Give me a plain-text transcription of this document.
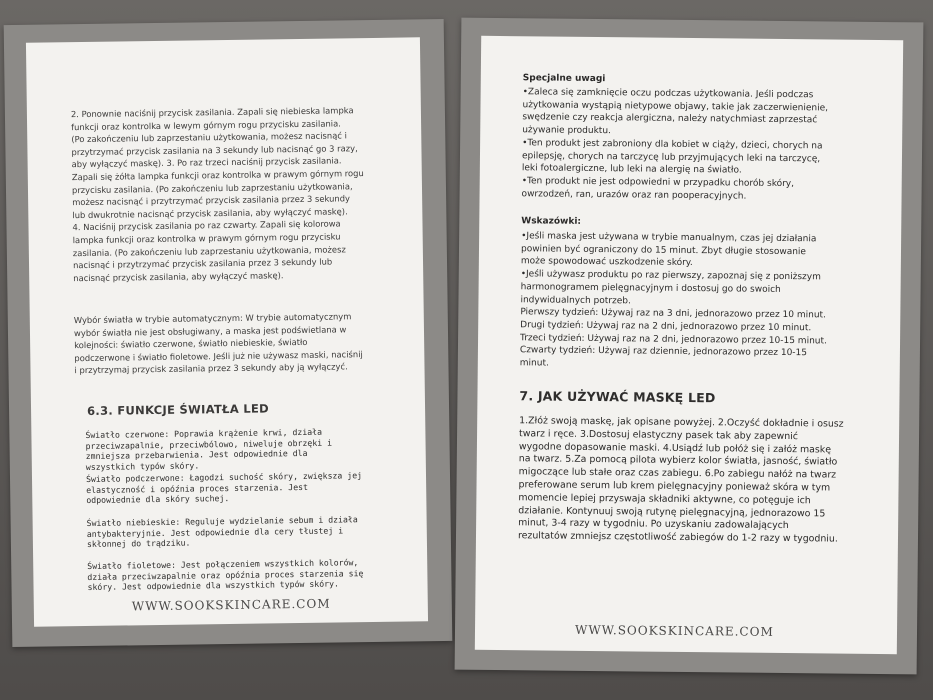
2. Ponownie naciśnij przycisk zasilania. Zapali się niebieska lampka
funkcji oraz kontrolka w lewym górnym rogu przycisku zasilania.
(Po zakończeniu lub zaprzestaniu użytkowania, możesz nacisnąć i
przytrzymać przycisk zasilania na 3 sekundy lub nacisnąć go 3 razy,
aby wyłączyć maskę). 3. Po raz trzeci naciśnij przycisk zasilania.
Zapali się żółta lampka funkcji oraz kontrolka w prawym górnym rogu
przycisku zasilania. (Po zakończeniu lub zaprzestaniu użytkowania,
możesz nacisnąć i przytrzymać przycisk zasilania przez 3 sekundy
lub dwukrotnie nacisnąć przycisk zasilania, aby wyłączyć maskę).
4. Naciśnij przycisk zasilania po raz czwarty. Zapali się kolorowa
lampka funkcji oraz kontrolka w prawym górnym rogu przycisku
zasilania. (Po zakończeniu lub zaprzestaniu użytkowania, możesz
nacisnąć i przytrzymać przycisk zasilania przez 3 sekundy lub
nacisnąć przycisk zasilania, aby wyłączyć maskę).

Wybór światła w trybie automatycznym: W trybie automatycznym
wybór światła nie jest obsługiwany, a maska jest podświetlana w
kolejności: światło czerwone, światło niebieskie, światło
podczerwone i światło fioletowe. Jeśli już nie używasz maski, naciśnij
i przytrzymaj przycisk zasilania przez 3 sekundy aby ją wyłączyć.

6.3. FUNKCJE ŚWIATŁA LED

Światło czerwone: Poprawia krążenie krwi, działa
przeciwzapalnie, przeciwbólowo, niweluje obrzęki i
zmniejsza przebarwienia. Jest odpowiednie dla
wszystkich typów skóry.

Światło podczerwone: Łagodzi suchość skóry, zwiększa jej
elastyczność i opóźnia proces starzenia. Jest
odpowiednie dla skóry suchej.

Światło niebieskie: Reguluje wydzielanie sebum i działa
antybakteryjnie. Jest odpowiednie dla cery tłustej i
skłonnej do trądziku.

Światło fioletowe: Jest połączeniem wszystkich kolorów,
działa przeciwzapalnie oraz opóźnia proces starzenia się
skóry. Jest odpowiednie dla wszystkich typów skóry.

WWW.SOOKSKINCARE.COM

Specjalne uwagi

•Zaleca się zamknięcie oczu podczas użytkowania. Jeśli podczas
użytkowania wystąpią nietypowe objawy, takie jak zaczerwienienie,
swędzenie czy reakcja alergiczna, należy natychmiast zaprzestać
używanie produktu.
•Ten produkt jest zabroniony dla kobiet w ciąży, dzieci, chorych na
epilepsję, chorych na tarczycę lub przyjmujących leki na tarczycę,
leki fotoalergiczne, lub leki na alergię na światło.
•Ten produkt nie jest odpowiedni w przypadku chorób skóry,
owrzodzeń, ran, urazów oraz ran pooperacyjnych.

Wskazówki:

•Jeśli maska jest używana w trybie manualnym, czas jej działania
powinien być ograniczony do 15 minut. Zbyt długie stosowanie
może spowodować uszkodzenie skóry.
•Jeśli używasz produktu po raz pierwszy, zapoznaj się z poniższym
harmonogramem pielęgnacyjnym i dostosuj go do swoich
indywidualnych potrzeb.
Pierwszy tydzień: Używaj raz na 3 dni, jednorazowo przez 10 minut.
Drugi tydzień: Używaj raz na 2 dni, jednorazowo przez 10 minut.
Trzeci tydzień: Używaj raz na 2 dni, jednorazowo przez 10-15 minut.
Czwarty tydzień: Używaj raz dziennie, jednorazowo przez 10-15
minut.

7. JAK UŻYWAĆ MASKĘ LED

1.Złóż swoją maskę, jak opisane powyżej. 2.Oczyść dokładnie i osusz
twarz i ręce. 3.Dostosuj elastyczny pasek tak aby zapewnić
wygodne dopasowanie maski. 4.Usiądź lub połóż się i załóż maskę
na twarz. 5.Za pomocą pilota wybierz kolor światła, jasność, światło
migoczące lub stałe oraz czas zabiegu. 6.Po zabiegu nałóż na twarz
preferowane serum lub krem pielęgnacyjny ponieważ skóra w tym
momencie lepiej przyswaja składniki aktywne, co potęguje ich
działanie. Kontynuuj swoją rutynę pielęgnacyjną, jednorazowo 15
minut, 3-4 razy w tygodniu. Po uzyskaniu zadowalających
rezultatów zmniejsz częstotliwość zabiegów do 1-2 razy w tygodniu.

WWW.SOOKSKINCARE.COM
